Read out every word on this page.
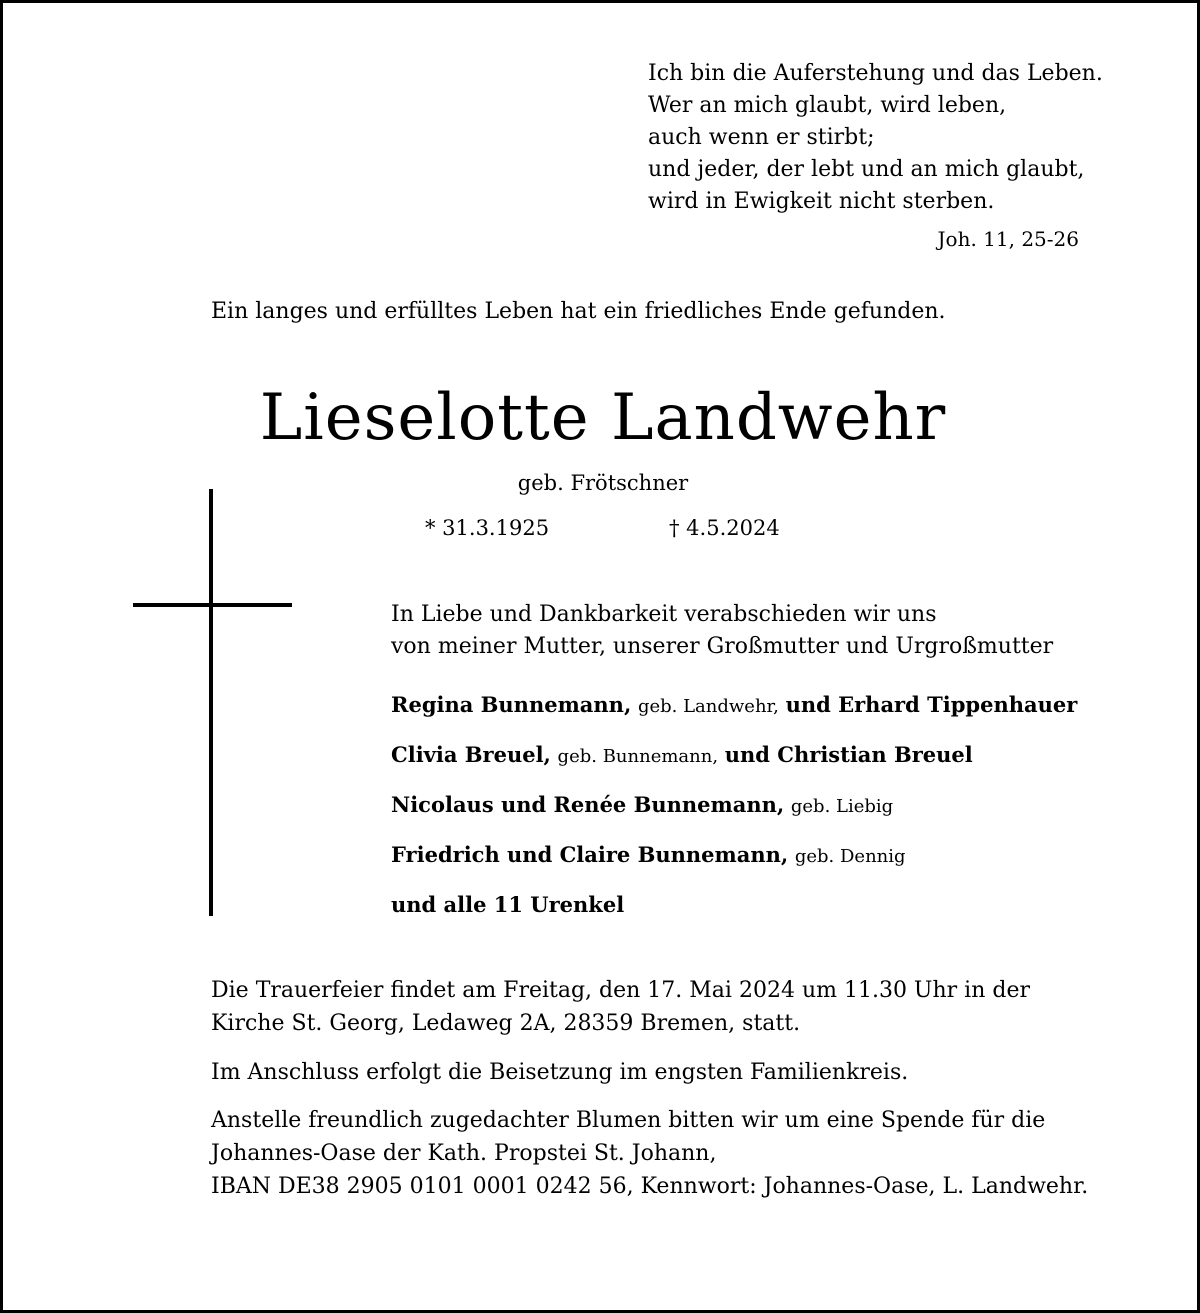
Ich bin die Auferstehung und das Leben.
Wer an mich glaubt, wird leben,
auch wenn er stirbt;
und jeder, der lebt und an mich glaubt,
wird in Ewigkeit nicht sterben.
Joh. 11, 25-26
Ein langes und erfülltes Leben hat ein friedliches Ende gefunden.
Lieselotte Landwehr
geb. Frötschner
* 31.3.1925	† 4.5.2024
In Liebe und Dankbarkeit verabschieden wir uns
von meiner Mutter, unserer Großmutter und Urgroßmutter
Regina Bunnemann, geb. Landwehr, und Erhard Tippenhauer
Clivia Breuel, geb. Bunnemann, und Christian Breuel
Nicolaus und Renée Bunnemann, geb. Liebig
Friedrich und Claire Bunnemann, geb. Dennig
und alle 11 Urenkel
Die Trauerfeier findet am Freitag, den 17. Mai 2024 um 11.30 Uhr in der
Kirche St. Georg, Ledaweg 2A, 28359 Bremen, statt.
Im Anschluss erfolgt die Beisetzung im engsten Familienkreis.
Anstelle freundlich zugedachter Blumen bitten wir um eine Spende für die
Johannes-Oase der Kath. Propstei St. Johann,
IBAN DE38 2905 0101 0001 0242 56, Kennwort: Johannes-Oase, L. Landwehr.
